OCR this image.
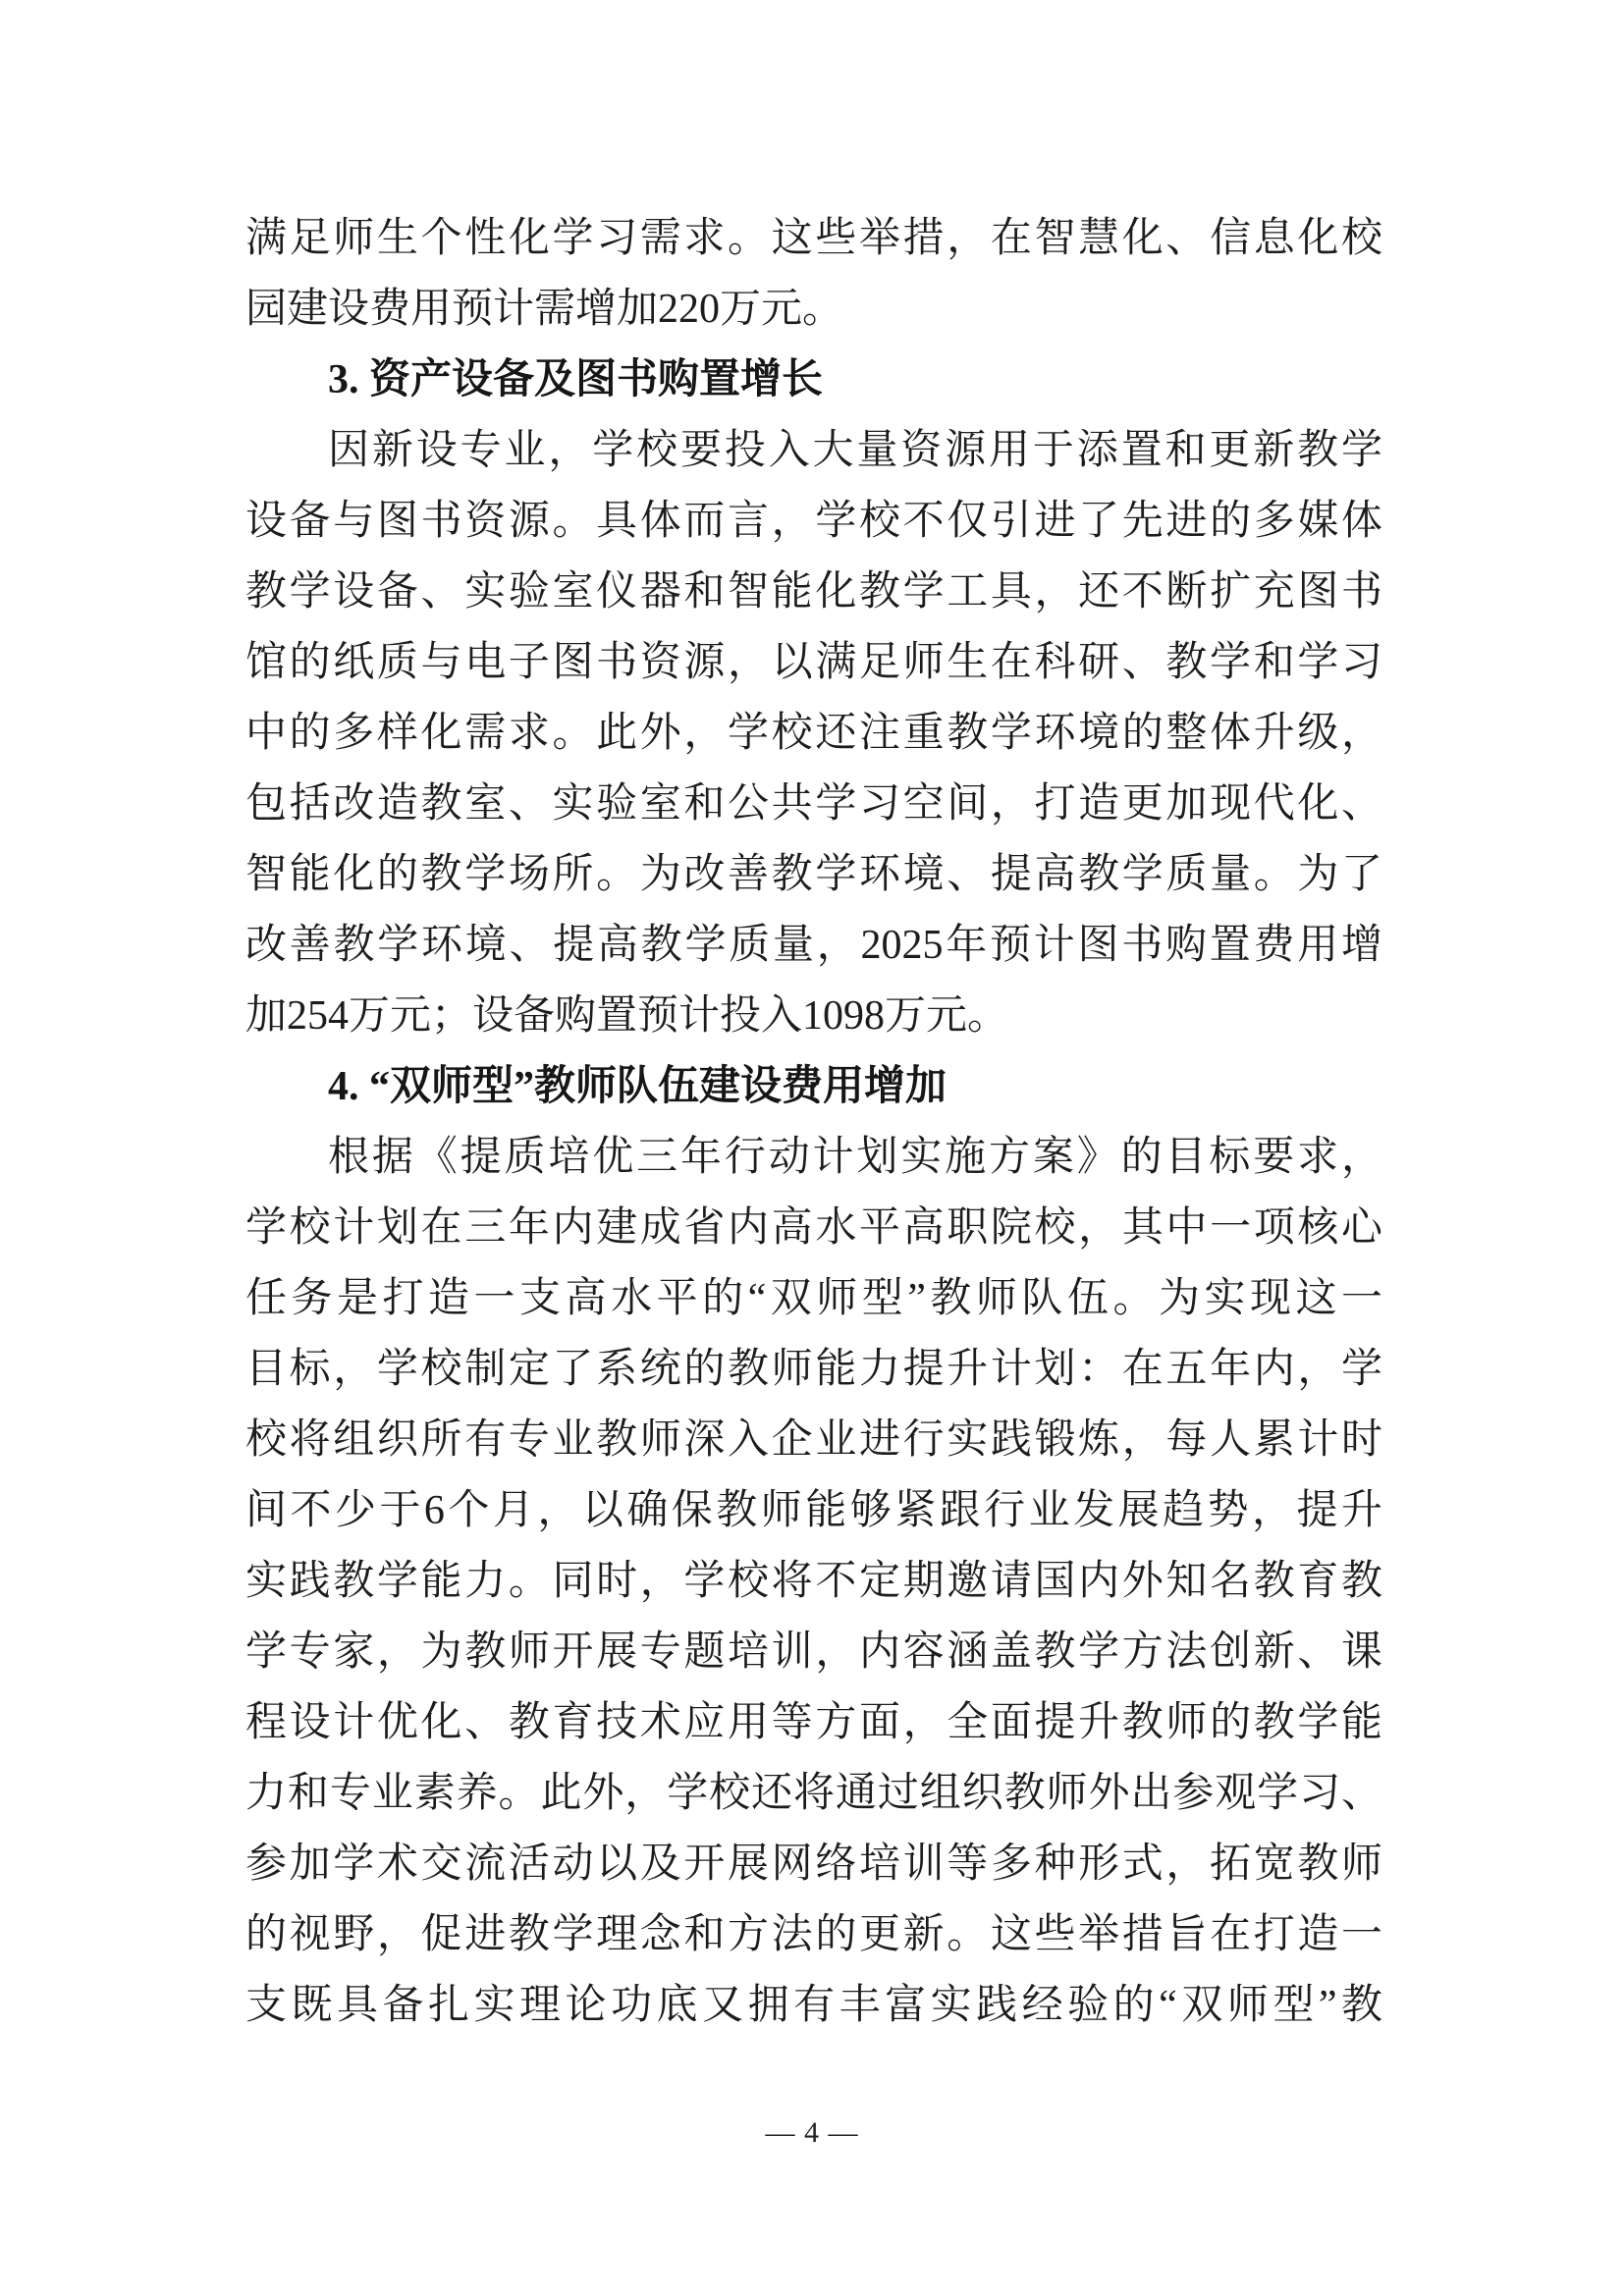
满足师生个性化学习需求。这些举措，在智慧化、信息化校
园建设费用预计需增加220万元。
3. 资产设备及图书购置增长
因新设专业，学校要投入大量资源用于添置和更新教学
设备与图书资源。具体而言，学校不仅引进了先进的多媒体
教学设备、实验室仪器和智能化教学工具，还不断扩充图书
馆的纸质与电子图书资源，以满足师生在科研、教学和学习
中的多样化需求。此外，学校还注重教学环境的整体升级，
包括改造教室、实验室和公共学习空间，打造更加现代化、
智能化的教学场所。为改善教学环境、提高教学质量。为了
改善教学环境、提高教学质量，2025年预计图书购置费用增
加254万元；设备购置预计投入1098万元。
4. “双师型”教师队伍建设费用增加
根据《提质培优三年行动计划实施方案》的目标要求，
学校计划在三年内建成省内高水平高职院校，其中一项核心
任务是打造一支高水平的“双师型”教师队伍。为实现这一
目标，学校制定了系统的教师能力提升计划：在五年内，学
校将组织所有专业教师深入企业进行实践锻炼，每人累计时
间不少于6个月，以确保教师能够紧跟行业发展趋势，提升
实践教学能力。同时，学校将不定期邀请国内外知名教育教
学专家，为教师开展专题培训，内容涵盖教学方法创新、课
程设计优化、教育技术应用等方面，全面提升教师的教学能
力和专业素养。此外，学校还将通过组织教师外出参观学习、
参加学术交流活动以及开展网络培训等多种形式，拓宽教师
的视野，促进教学理念和方法的更新。这些举措旨在打造一
支既具备扎实理论功底又拥有丰富实践经验的“双师型”教
— 4 —
